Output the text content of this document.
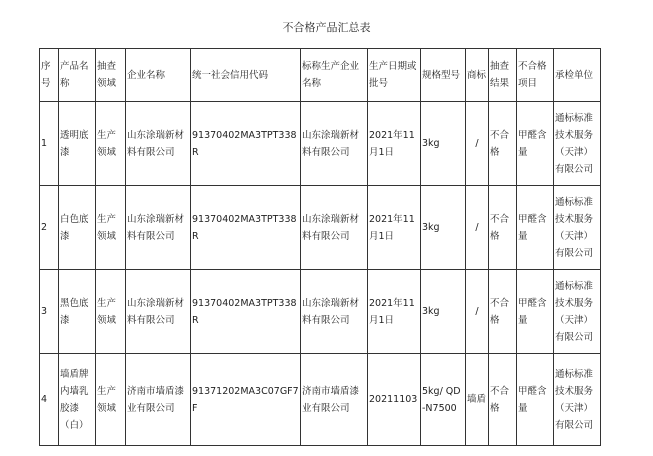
不合格产品汇总表
序号	产品名称	抽查领域	企业名称	统一社会信用代码	标称生产企业名称	生产日期或批号	规格型号	商标	抽查结果	不合格项目	承检单位
1	透明底漆	生产领域	山东涂瑞新材料有限公司	91370402MA3TPT338R	山东涂瑞新材料有限公司	2021年11月1日	3kg	/	不合格	甲醛含量	通标标准技术服务（天津）有限公司
2	白色底漆	生产领域	山东涂瑞新材料有限公司	91370402MA3TPT338R	山东涂瑞新材料有限公司	2021年11月1日	3kg	/	不合格	甲醛含量	通标标准技术服务（天津）有限公司
3	黑色底漆	生产领域	山东涂瑞新材料有限公司	91370402MA3TPT338R	山东涂瑞新材料有限公司	2021年11月1日	3kg	/	不合格	甲醛含量	通标标准技术服务（天津）有限公司
4	墙盾牌内墙乳胶漆（白）	生产领域	济南市墙盾漆业有限公司	91371202MA3C07GF7F	济南市墙盾漆业有限公司	20211103	5kg/ QD-N7500	墙盾	不合格	甲醛含量	通标标准技术服务（天津）有限公司
